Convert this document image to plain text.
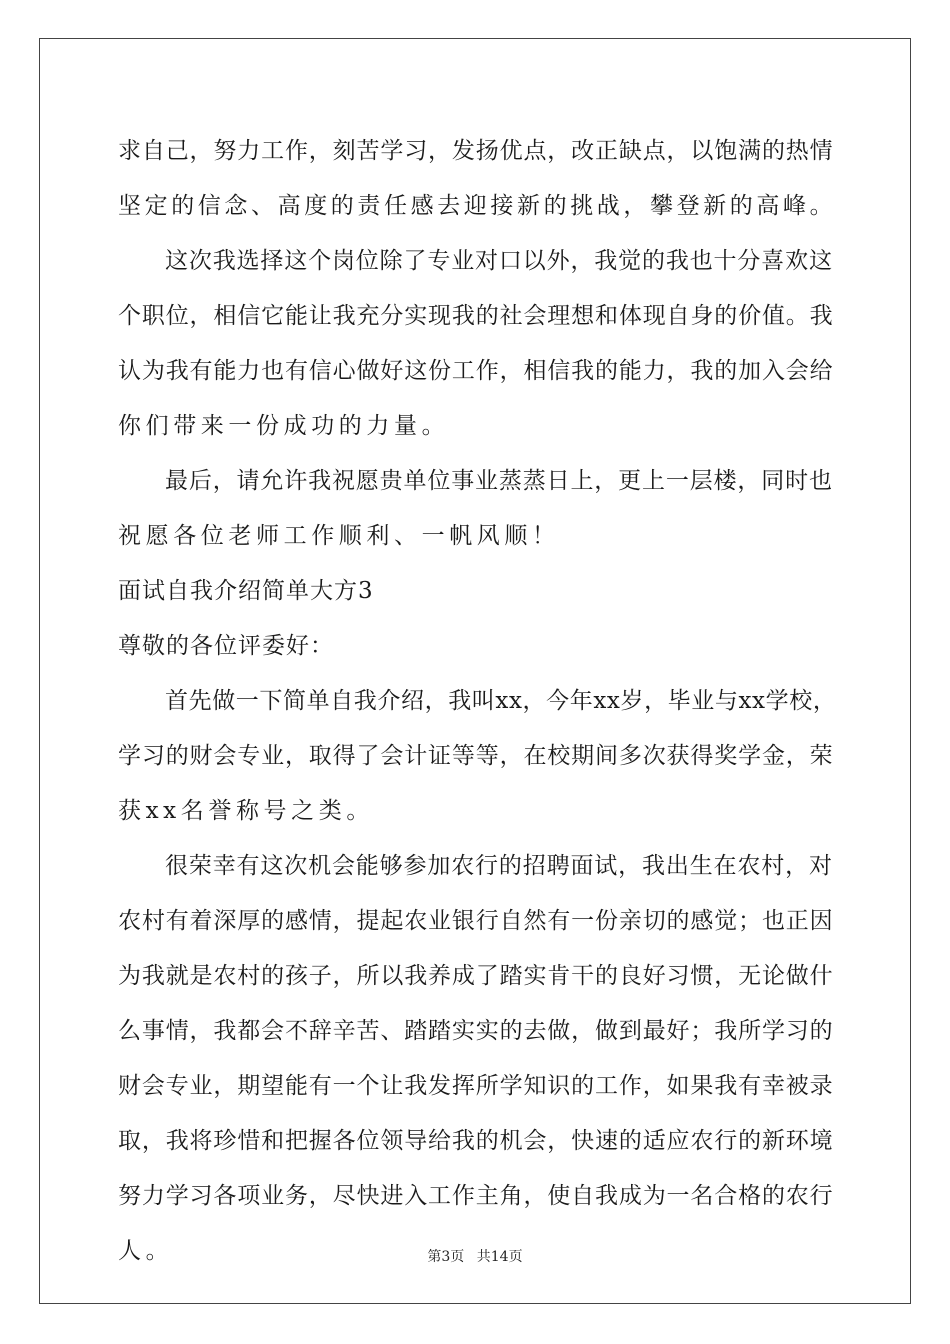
求自己，努力工作，刻苦学习，发扬优点，改正缺点，以饱满的热情
坚定的信念、高度的责任感去迎接新的挑战，攀登新的高峰。
这次我选择这个岗位除了专业对口以外，我觉的我也十分喜欢这
个职位，相信它能让我充分实现我的社会理想和体现自身的价值。我
认为我有能力也有信心做好这份工作，相信我的能力，我的加入会给
你们带来一份成功的力量。
最后，请允许我祝愿贵单位事业蒸蒸日上，更上一层楼，同时也
祝愿各位老师工作顺利、一帆风顺！
面试自我介绍简单大方3
尊敬的各位评委好：
首先做一下简单自我介绍，我叫xx，今年xx岁，毕业与xx学校，
学习的财会专业，取得了会计证等等，在校期间多次获得奖学金，荣
获xx名誉称号之类。
很荣幸有这次机会能够参加农行的招聘面试，我出生在农村，对
农村有着深厚的感情，提起农业银行自然有一份亲切的感觉；也正因
为我就是农村的孩子，所以我养成了踏实肯干的良好习惯，无论做什
么事情，我都会不辞辛苦、踏踏实实的去做，做到最好；我所学习的
财会专业，期望能有一个让我发挥所学知识的工作，如果我有幸被录
取，我将珍惜和把握各位领导给我的机会，快速的适应农行的新环境
努力学习各项业务，尽快进入工作主角，使自我成为一名合格的农行
人。	第3页 共14页
